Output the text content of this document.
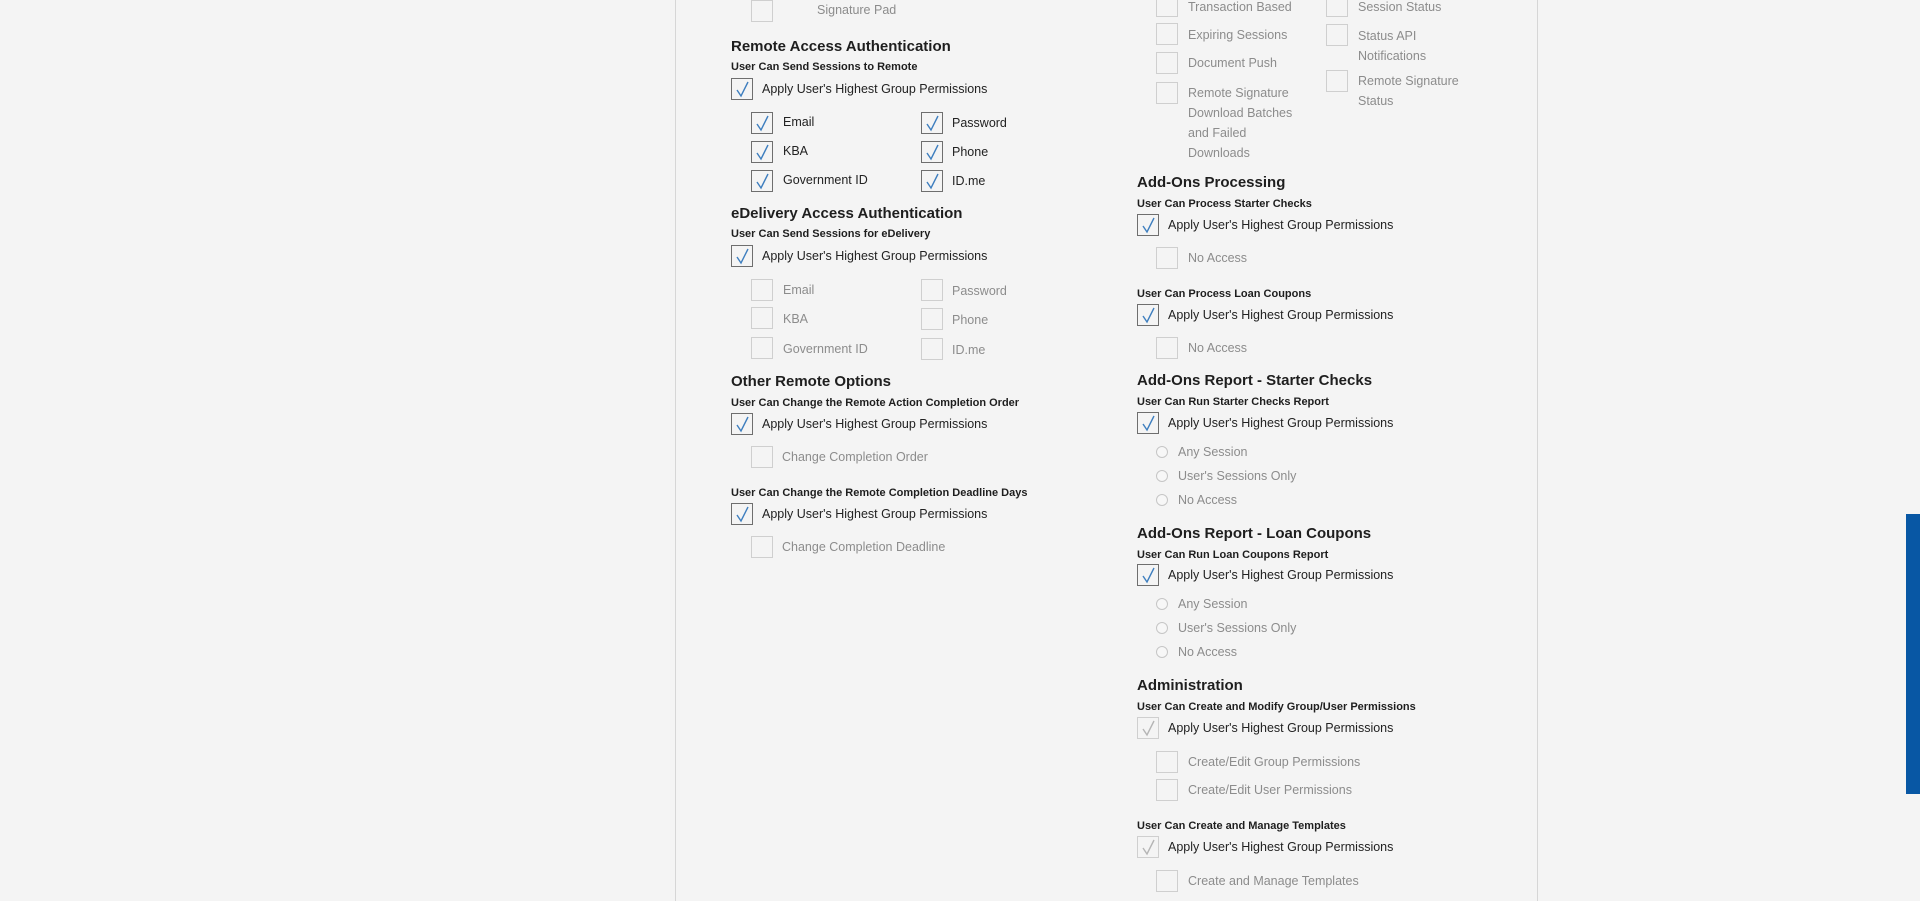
Signature Pad
Remote Access Authentication
User Can Send Sessions to Remote
Apply User's Highest Group Permissions
Email	Password
KBA	Phone
Government ID	ID.me
eDelivery Access Authentication
User Can Send Sessions for eDelivery
Apply User's Highest Group Permissions
Email	Password
KBA	Phone
Government ID	ID.me
Other Remote Options
User Can Change the Remote Action Completion Order
Apply User's Highest Group Permissions
Change Completion Order
User Can Change the Remote Completion Deadline Days
Apply User's Highest Group Permissions
Change Completion Deadline
Transaction Based
Expiring Sessions
Document Push
Remote Signature
Download Batches
and Failed
Downloads
Session Status
Status API
Notifications
Remote Signature
Status
Add-Ons Processing
User Can Process Starter Checks
Apply User's Highest Group Permissions
No Access
User Can Process Loan Coupons
Apply User's Highest Group Permissions
No Access
Add-Ons Report - Starter Checks
User Can Run Starter Checks Report
Apply User's Highest Group Permissions
Any Session
User's Sessions Only
No Access
Add-Ons Report - Loan Coupons
User Can Run Loan Coupons Report
Apply User's Highest Group Permissions
Any Session
User's Sessions Only
No Access
Administration
User Can Create and Modify Group/User Permissions
Apply User's Highest Group Permissions
Create/Edit Group Permissions
Create/Edit User Permissions
User Can Create and Manage Templates
Apply User's Highest Group Permissions
Create and Manage Templates
